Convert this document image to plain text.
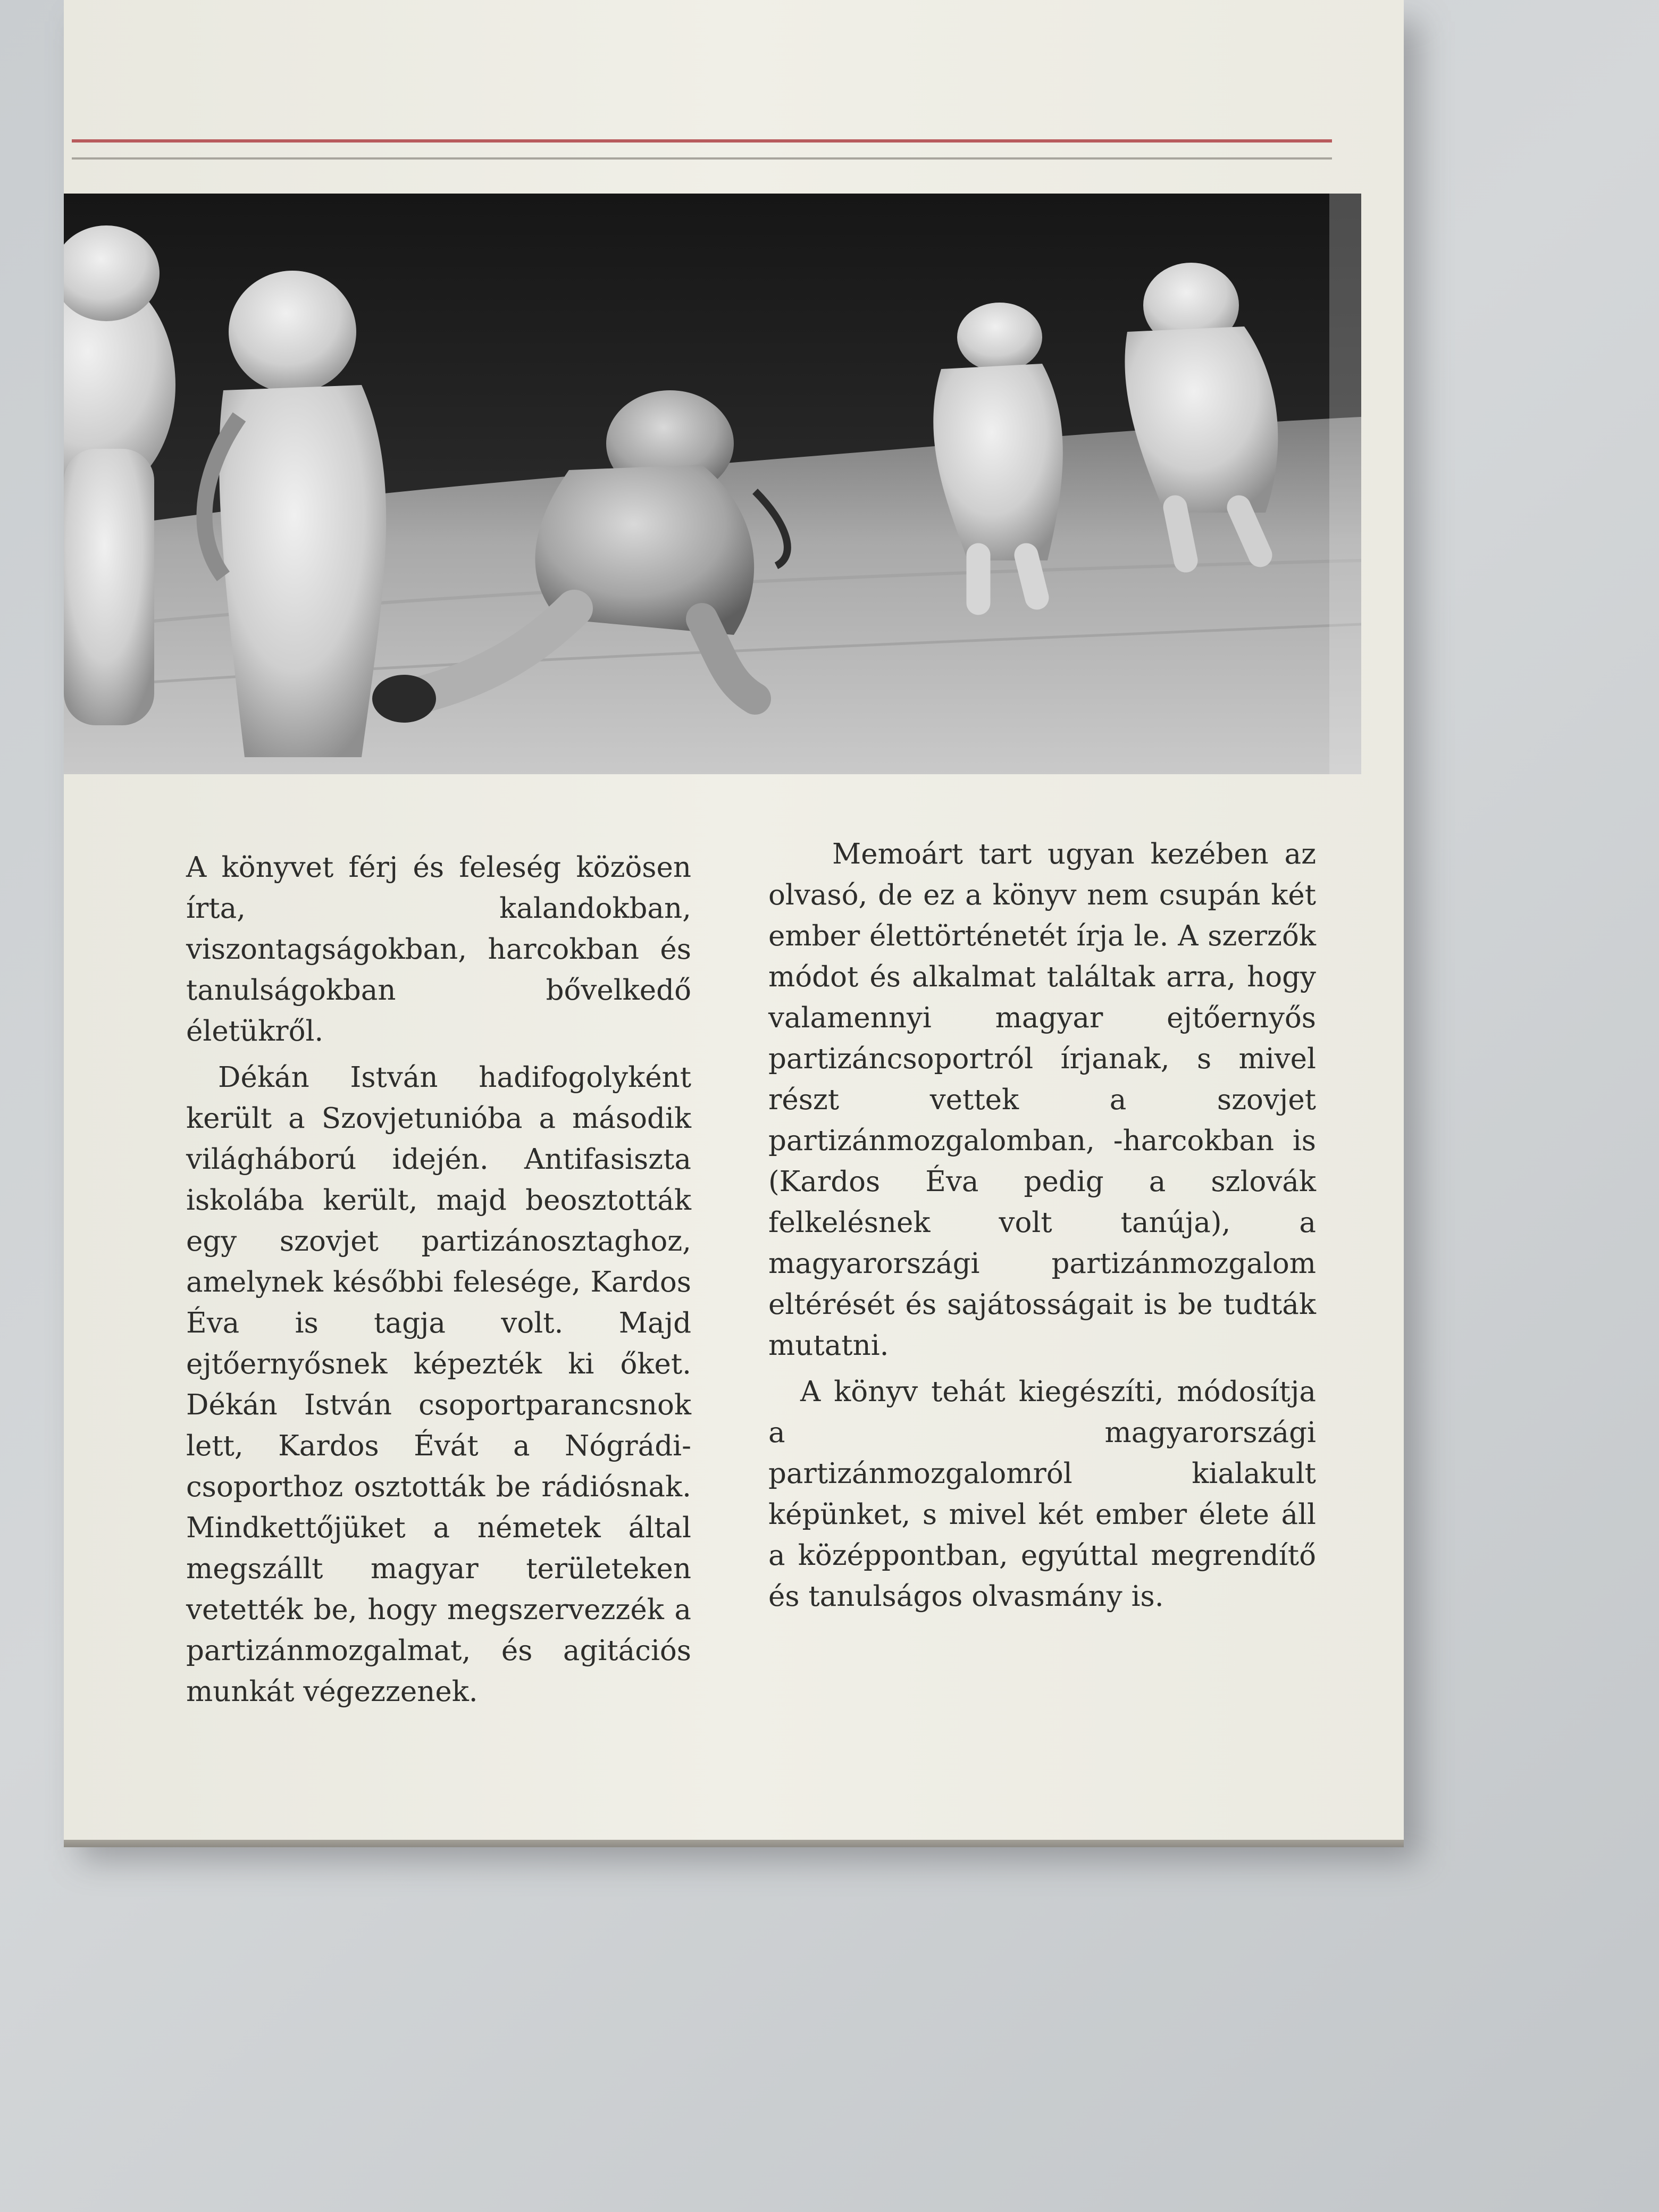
A könyvet férj és feleség közösen írta, kalandokban, viszontagságokban, harcokban és tanulságokban bővelkedő életükről.

Dékán István hadifogolyként került a Szovjetunióba a második világháború idején. Antifasiszta iskolába került, majd beosztották egy szovjet partizánosztaghoz, amelynek későbbi felesége, Kardos Éva is tagja volt. Majd ejtőernyősnek képezték ki őket. Dékán István csoportparancsnok lett, Kardos Évát a Nógrádi-csoporthoz osztották be rádiósnak. Mindkettőjüket a németek által megszállt magyar területeken vetették be, hogy megszervezzék a partizánmozgalmat, és agitációs munkát végezzenek.

Memoárt tart ugyan kezében az olvasó, de ez a könyv nem csupán két ember élettörténetét írja le. A szerzők módot és alkalmat találtak arra, hogy valamennyi magyar ejtőernyős partizáncsoportról írjanak, s mivel részt vettek a szovjet partizánmozgalomban, -harcokban is (Kardos Éva pedig a szlovák felkelésnek volt tanúja), a magyarországi partizánmozgalom eltérését és sajátosságait is be tudták mutatni.

A könyv tehát kiegészíti, módosítja a magyarországi partizánmozgalomról kialakult képünket, s mivel két ember élete áll a középpontban, egyúttal megrendítő és tanulságos olvasmány is.
